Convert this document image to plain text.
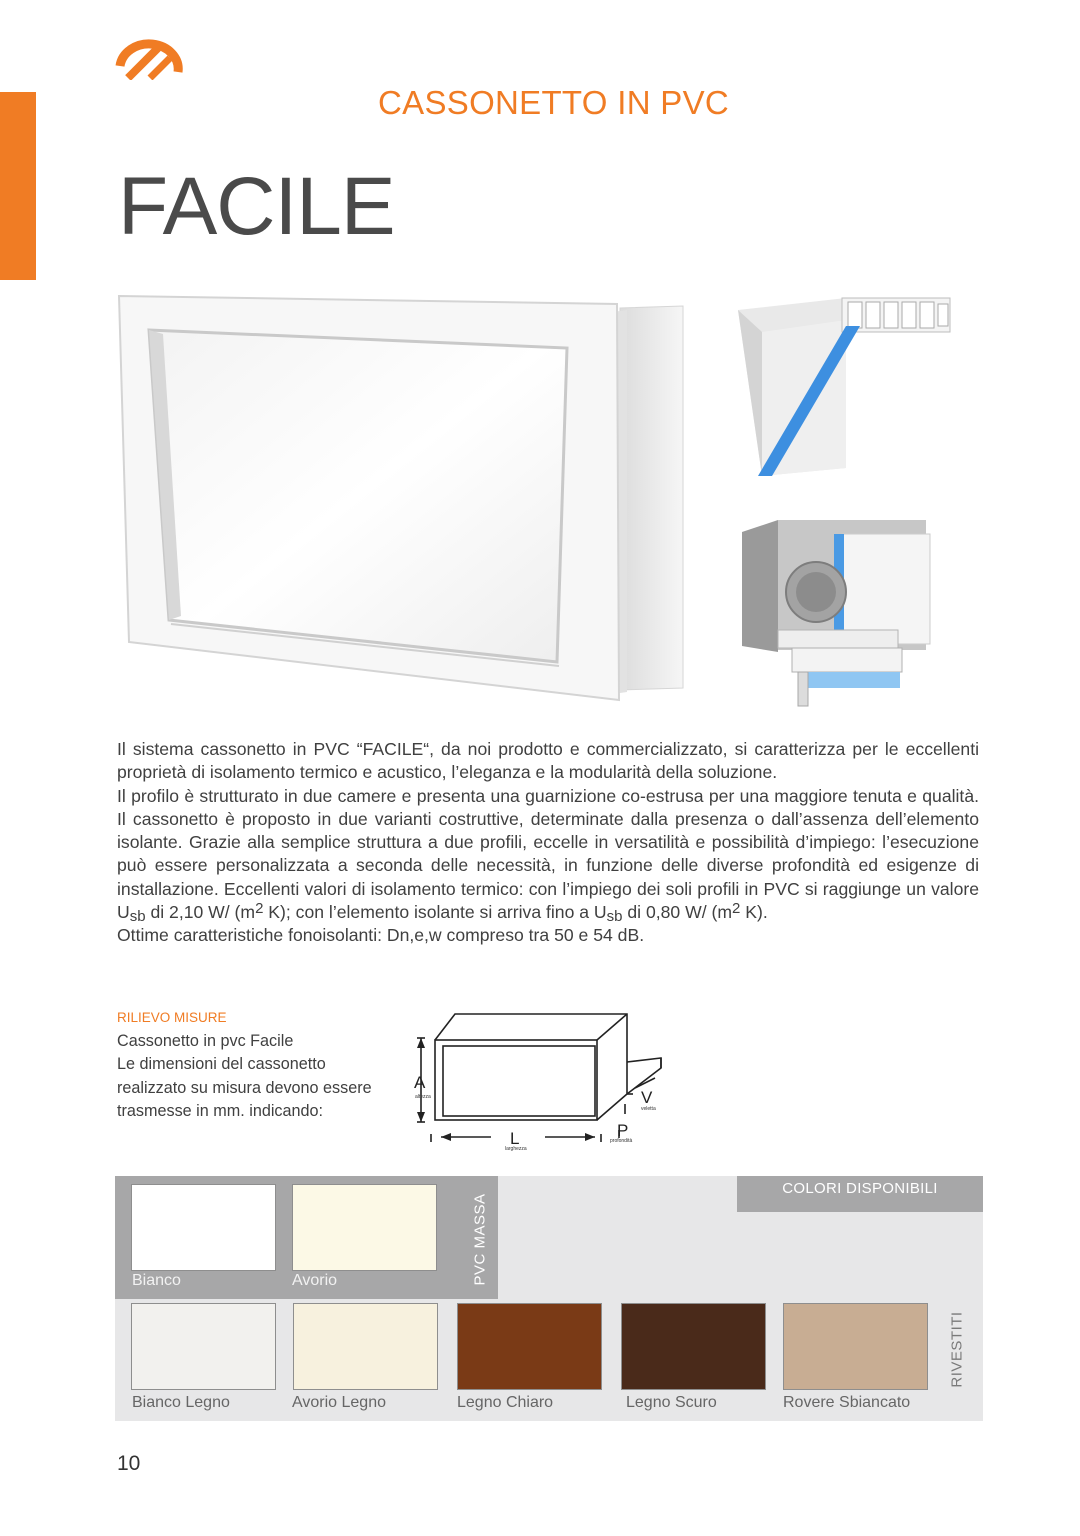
CASSONETTO IN PVC
FACILE

Il sistema cassonetto in PVC “FACILE“, da noi prodotto e commercializzato, si caratterizza per le eccellenti proprietà di isolamento termico e acustico, l’eleganza e la modularità della soluzione.

Il profilo è strutturato in due camere e presenta una guarnizione co-estrusa per una maggiore tenuta e qualità. Il cassonetto è proposto in due varianti costruttive, determinate dalla presenza o dall’assenza dell’elemento isolante. Grazie alla semplice struttura a due profili, eccelle in versatilità e possibilità d’impiego: l’esecuzione può essere personalizzata a seconda delle necessità, in funzione delle diverse profondità ed esigenze di installazione. Eccellenti valori di isolamento termico: con l’impiego dei soli profili in PVC si raggiunge un valore $U_{sb}$ di 2,10 W/ ($m^2$ K); con l’elemento isolante si arriva fino a $U_{sb}$ di 0,80 W/ ($m^2$ K).

Ottime caratteristiche fonoisolanti: Dn,e,w compreso tra 50 e 54 dB.

RILIEVO MISURE
Cassonetto in pvc Facile
Le dimensioni del cassonetto
realizzato su misura devono essere
trasmesse in mm. indicando:
A
altezza
L
larghezza
V
veletta
P
profondità
COLORI DISPONIBILI
Bianco	Avorio	PVC MASSA
Bianco Legno	Avorio Legno	Legno Chiaro	Legno Scuro	Rovere Sbiancato
RIVESTITI
10
